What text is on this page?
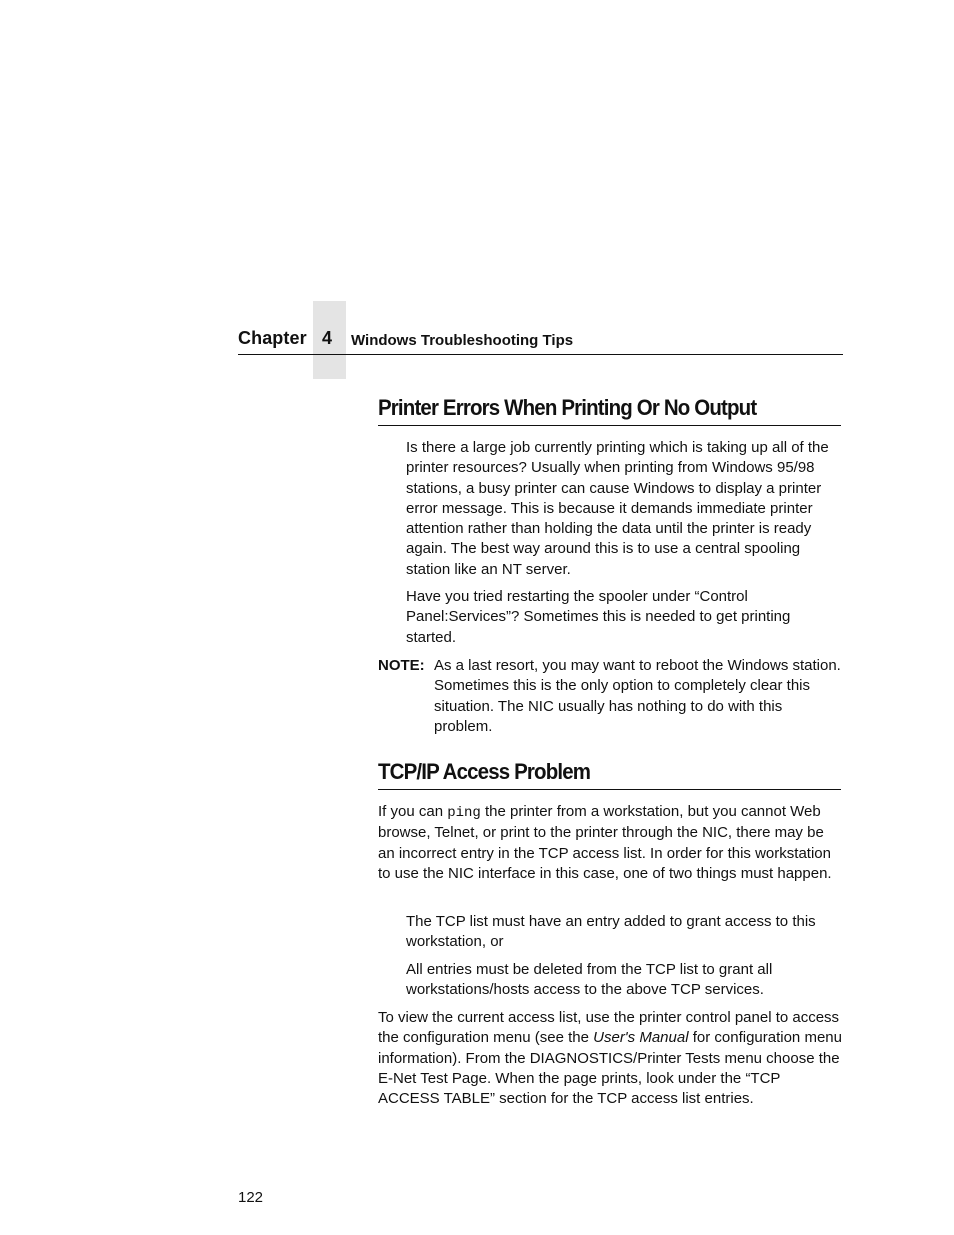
Chapter 4 Windows Troubleshooting Tips
Printer Errors When Printing Or No Output

Is there a large job currently printing which is taking up all of the printer resources? Usually when printing from Windows 95/98 stations, a busy printer can cause Windows to display a printer error message. This is because it demands immediate printer attention rather than holding the data until the printer is ready again. The best way around this is to use a central spooling station like an NT server.

Have you tried restarting the spooler under “Control Panel:Services”? Sometimes this is needed to get printing started.

NOTE: As a last resort, you may want to reboot the Windows station. Sometimes this is the only option to completely clear this situation. The NIC usually has nothing to do with this problem.

TCP/IP Access Problem

If you can ping the printer from a workstation, but you cannot Web browse, Telnet, or print to the printer through the NIC, there may be an incorrect entry in the TCP access list. In order for this workstation to use the NIC interface in this case, one of two things must happen.

The TCP list must have an entry added to grant access to this workstation, or

All entries must be deleted from the TCP list to grant all workstations/hosts access to the above TCP services.

To view the current access list, use the printer control panel to access the configuration menu (see the User's Manual for configuration menu information). From the DIAGNOSTICS/Printer Tests menu choose the E-Net Test Page. When the page prints, look under the “TCP ACCESS TABLE” section for the TCP access list entries.

122
